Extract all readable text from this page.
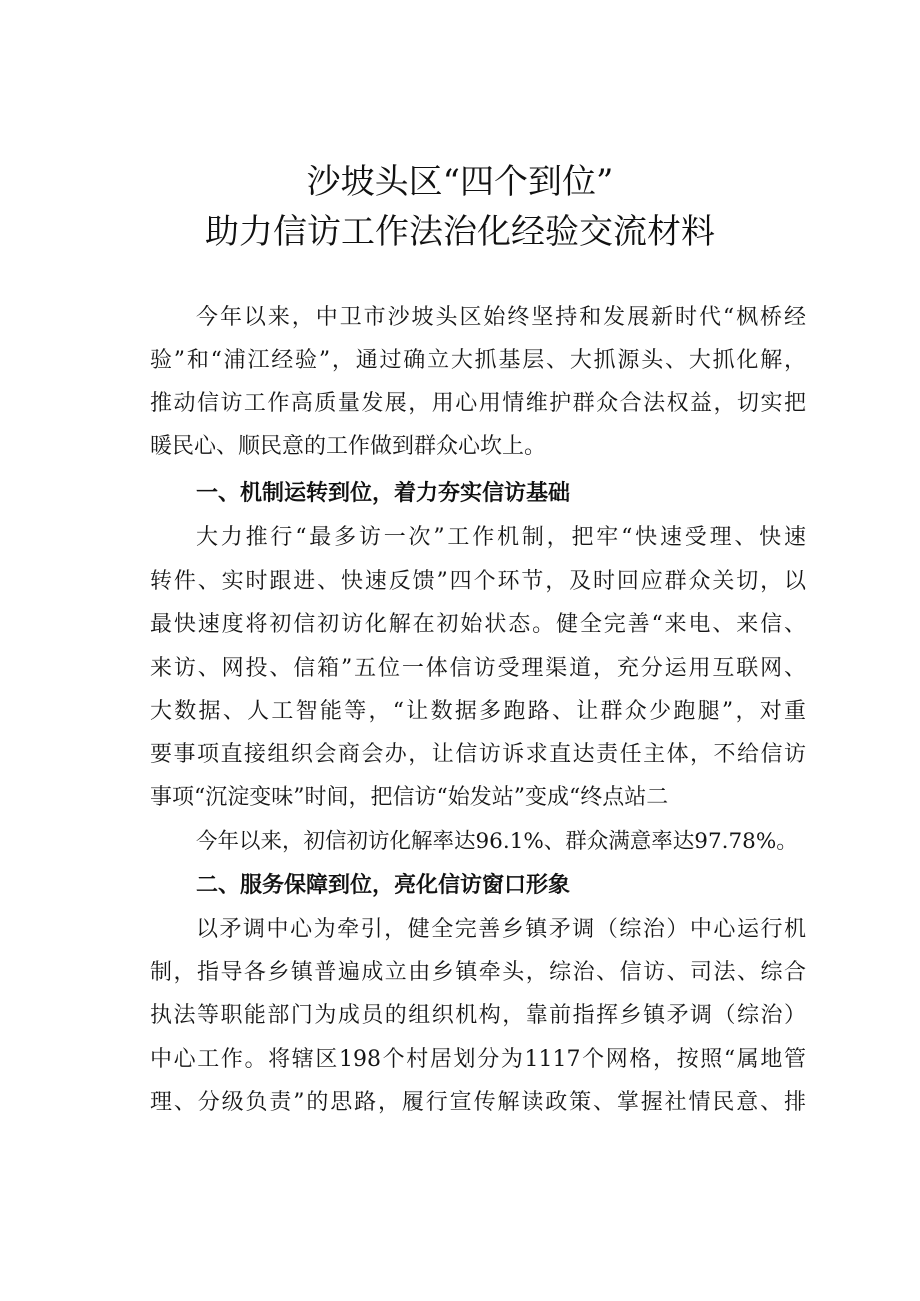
沙坡头区“四个到位”
助力信访工作法治化经验交流材料
今年以来，中卫市沙坡头区始终坚持和发展新时代“枫桥经
验”和“浦江经验”，通过确立大抓基层、大抓源头、大抓化解，
推动信访工作高质量发展，用心用情维护群众合法权益，切实把
暖民心、顺民意的工作做到群众心坎上。
一、机制运转到位，着力夯实信访基础
大力推行“最多访一次”工作机制，把牢“快速受理、快速
转件、实时跟进、快速反馈”四个环节，及时回应群众关切，以
最快速度将初信初访化解在初始状态。健全完善“来电、来信、
来访、网投、信箱”五位一体信访受理渠道，充分运用互联网、
大数据、人工智能等，“让数据多跑路、让群众少跑腿”，对重
要事项直接组织会商会办，让信访诉求直达责任主体，不给信访
事项“沉淀变味”时间，把信访“始发站”变成“终点站二
今年以来，初信初访化解率达96.1%、群众满意率达97.78%。
二、服务保障到位，亮化信访窗口形象
以矛调中心为牵引，健全完善乡镇矛调（综治）中心运行机
制，指导各乡镇普遍成立由乡镇牵头，综治、信访、司法、综合
执法等职能部门为成员的组织机构，靠前指挥乡镇矛调（综治）
中心工作。将辖区198个村居划分为1117个网格，按照“属地管
理、分级负责”的思路，履行宣传解读政策、掌握社情民意、排
